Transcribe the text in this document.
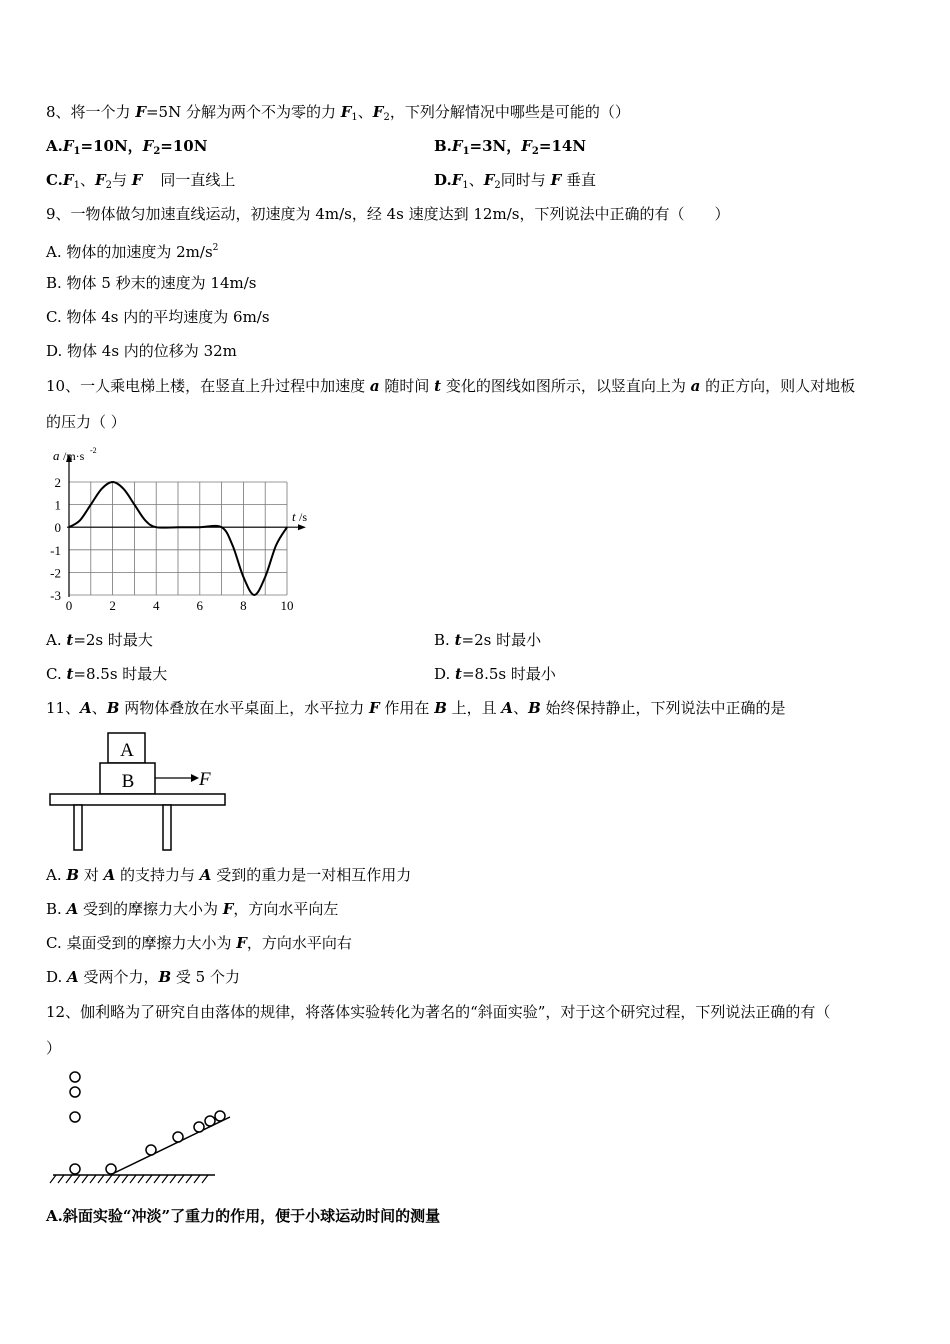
8、将一个力 F=5N 分解为两个不为零的力 $F_1$、$F_2$，下列分解情况中哪些是可能的（）
$A.F_1=10N$，$F_2=10N$	$B.F_1=3N$，$F_2=14N$
$C.F_1$、$F_2$与 F 同一直线上	$D.F_1$、$F_2$同时与 F 垂直
9、一物体做匀加速直线运动，初速度为 4m/s，经 4s 速度达到 12m/s，下列说法中正确的有（　　）
A. 物体的加速度为 $2m/s^2$
B. 物体 5 秒末的速度为 14m/s
C. 物体 4s 内的平均速度为 6m/s
D. 物体 4s 内的位移为 32m
10、一人乘电梯上楼，在竖直上升过程中加速度 a 随时间 t 变化的图线如图所示，以竖直向上为 a 的正方向，则人对地板
的压力（ ）
2
1
0
-1
-2
-3
0	2	4	6	8	10
a /m·s -2
t /s
A. t=2s 时最大	B. t=2s 时最小
C. t=8.5s 时最大	D. t=8.5s 时最小
11、A、B 两物体叠放在水平桌面上，水平拉力 F 作用在 B 上，且 A、B 始终保持静止，下列说法中正确的是
A
B	F
A. B 对 A 的支持力与 A 受到的重力是一对相互作用力
B. A 受到的摩擦力大小为 F，方向水平向左
C. 桌面受到的摩擦力大小为 F，方向水平向右
D. A 受两个力，B 受 5 个力
12、伽利略为了研究自由落体的规律，将落体实验转化为著名的“斜面实验”，对于这个研究过程，下列说法正确的有（
）
A.斜面实验“冲淡”了重力的作用，便于小球运动时间的测量
